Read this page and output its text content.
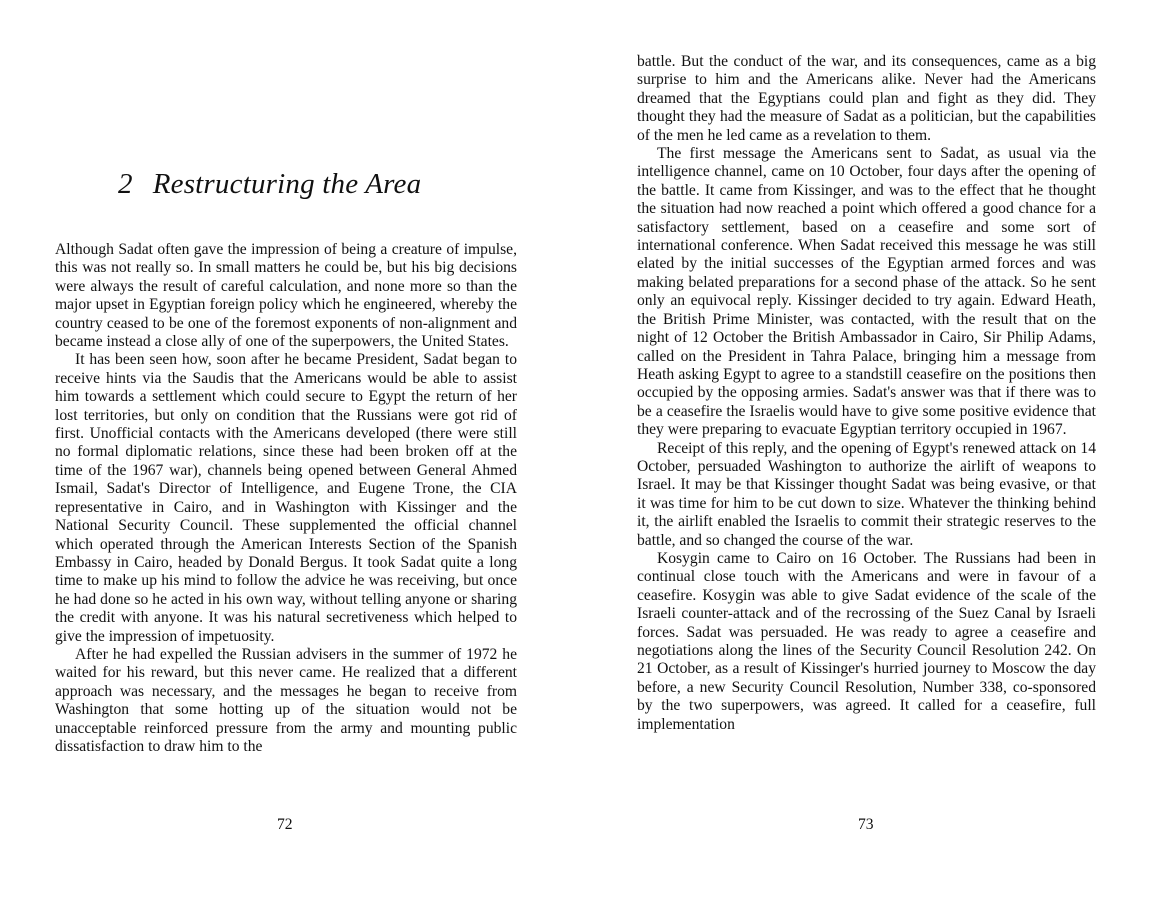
2 Restructuring the Area

Although Sadat often gave the impression of being a creature of impulse, this was not really so. In small matters he could be, but his big decisions were always the result of careful calculation, and none more so than the major upset in Egyptian foreign policy which he engineered, whereby the country ceased to be one of the foremost exponents of non-alignment and became instead a close ally of one of the superpowers, the United States.

It has been seen how, soon after he became President, Sadat began to receive hints via the Saudis that the Americans would be able to assist him towards a settlement which could secure to Egypt the return of her lost territories, but only on condition that the Russians were got rid of first. Unofficial contacts with the Americans developed (there were still no formal diplomatic relations, since these had been broken off at the time of the 1967 war), channels being opened between General Ahmed Ismail, Sadat's Director of Intelligence, and Eugene Trone, the CIA representative in Cairo, and in Washington with Kissinger and the National Security Council. These supplemented the official channel which operated through the American Interests Section of the Spanish Embassy in Cairo, headed by Donald Bergus. It took Sadat quite a long time to make up his mind to follow the advice he was receiving, but once he had done so he acted in his own way, without telling anyone or sharing the credit with anyone. It was his natural secretiveness which helped to give the impression of impetuosity.

After he had expelled the Russian advisers in the summer of 1972 he waited for his reward, but this never came. He realized that a different approach was necessary, and the messages he began to receive from Washington that some hotting up of the situation would not be unacceptable reinforced pressure from the army and mounting public dissatisfaction to draw him to the

72

battle. But the conduct of the war, and its consequences, came as a big surprise to him and the Americans alike. Never had the Americans dreamed that the Egyptians could plan and fight as they did. They thought they had the measure of Sadat as a politician, but the capabilities of the men he led came as a revelation to them.

The first message the Americans sent to Sadat, as usual via the intelligence channel, came on 10 October, four days after the opening of the battle. It came from Kissinger, and was to the effect that he thought the situation had now reached a point which offered a good chance for a satisfactory settlement, based on a ceasefire and some sort of international conference. When Sadat received this message he was still elated by the initial successes of the Egyptian armed forces and was making belated preparations for a second phase of the attack. So he sent only an equivocal reply. Kissinger decided to try again. Edward Heath, the British Prime Minister, was contacted, with the result that on the night of 12 October the British Ambassador in Cairo, Sir Philip Adams, called on the President in Tahra Palace, bringing him a message from Heath asking Egypt to agree to a standstill ceasefire on the positions then occupied by the opposing armies. Sadat's answer was that if there was to be a ceasefire the Israelis would have to give some positive evidence that they were preparing to evacuate Egyptian territory occupied in 1967.

Receipt of this reply, and the opening of Egypt's renewed attack on 14 October, persuaded Washington to authorize the airlift of weapons to Israel. It may be that Kissinger thought Sadat was being evasive, or that it was time for him to be cut down to size. Whatever the thinking behind it, the airlift enabled the Israelis to commit their strategic reserves to the battle, and so changed the course of the war.

Kosygin came to Cairo on 16 October. The Russians had been in continual close touch with the Americans and were in favour of a ceasefire. Kosygin was able to give Sadat evidence of the scale of the Israeli counter-attack and of the recrossing of the Suez Canal by Israeli forces. Sadat was persuaded. He was ready to agree a ceasefire and negotiations along the lines of the Security Council Resolution 242. On 21 October, as a result of Kissinger's hurried journey to Moscow the day before, a new Security Council Resolution, Number 338, co-sponsored by the two superpowers, was agreed. It called for a ceasefire, full implementation

73
